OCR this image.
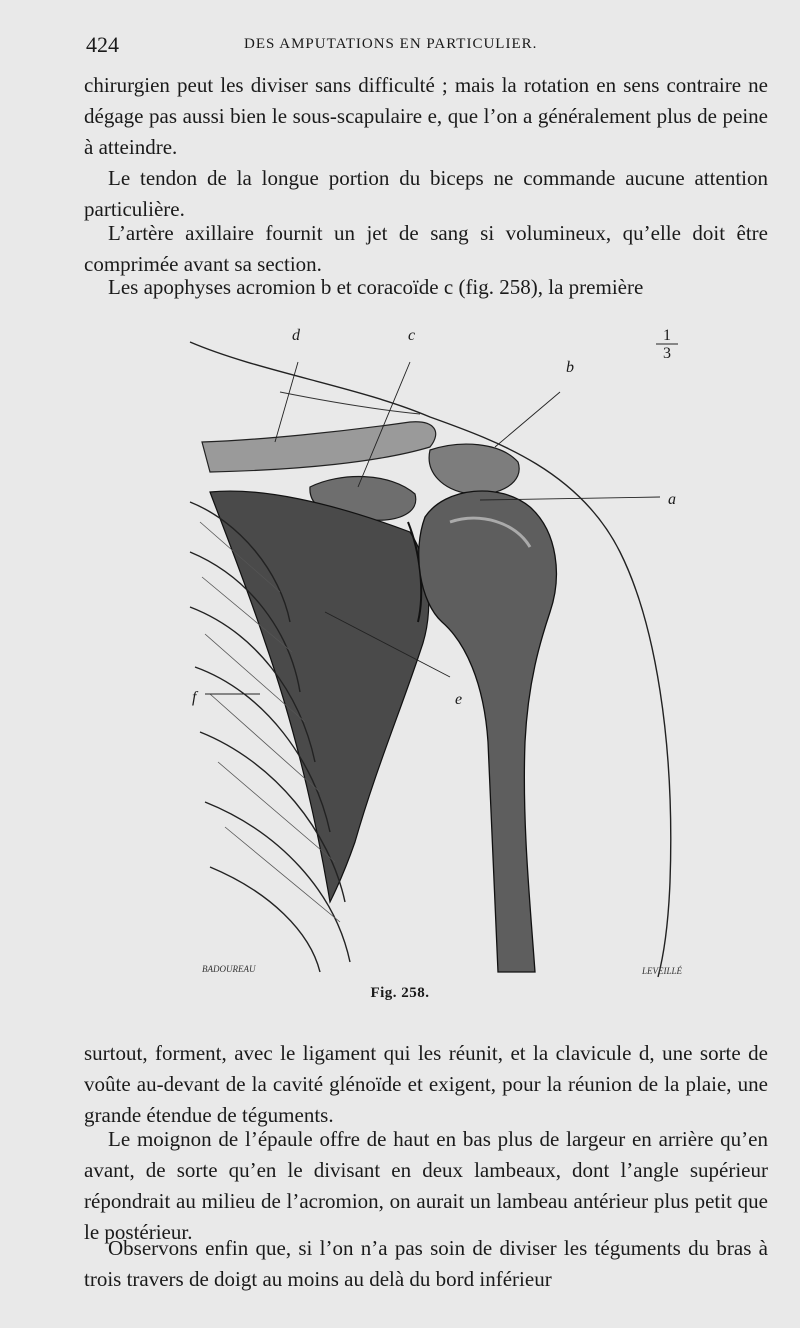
424	DES AMPUTATIONS EN PARTICULIER.

chirurgien peut les diviser sans difficulté ; mais la rotation en sens contraire ne dégage pas aussi bien le sous-scapulaire e, que l’on a généralement plus de peine à atteindre.

Le tendon de la longue portion du biceps ne commande aucune attention particulière.

L’artère axillaire fournit un jet de sang si volumineux, qu’elle doit être comprimée avant sa section.

Les apophyses acromion b et coracoïde c (fig. 258), la première

d	c
b
a
e
f
1
3
BADOUREAU	LEVEILLÉ
Fig. 258.

surtout, forment, avec le ligament qui les réunit, et la clavicule d, une sorte de voûte au-devant de la cavité glénoïde et exigent, pour la réunion de la plaie, une grande étendue de téguments.

Le moignon de l’épaule offre de haut en bas plus de largeur en arrière qu’en avant, de sorte qu’en le divisant en deux lambeaux, dont l’angle supérieur répondrait au milieu de l’acromion, on aurait un lambeau antérieur plus petit que le postérieur.

Observons enfin que, si l’on n’a pas soin de diviser les téguments du bras à trois travers de doigt au moins au delà du bord inférieur
